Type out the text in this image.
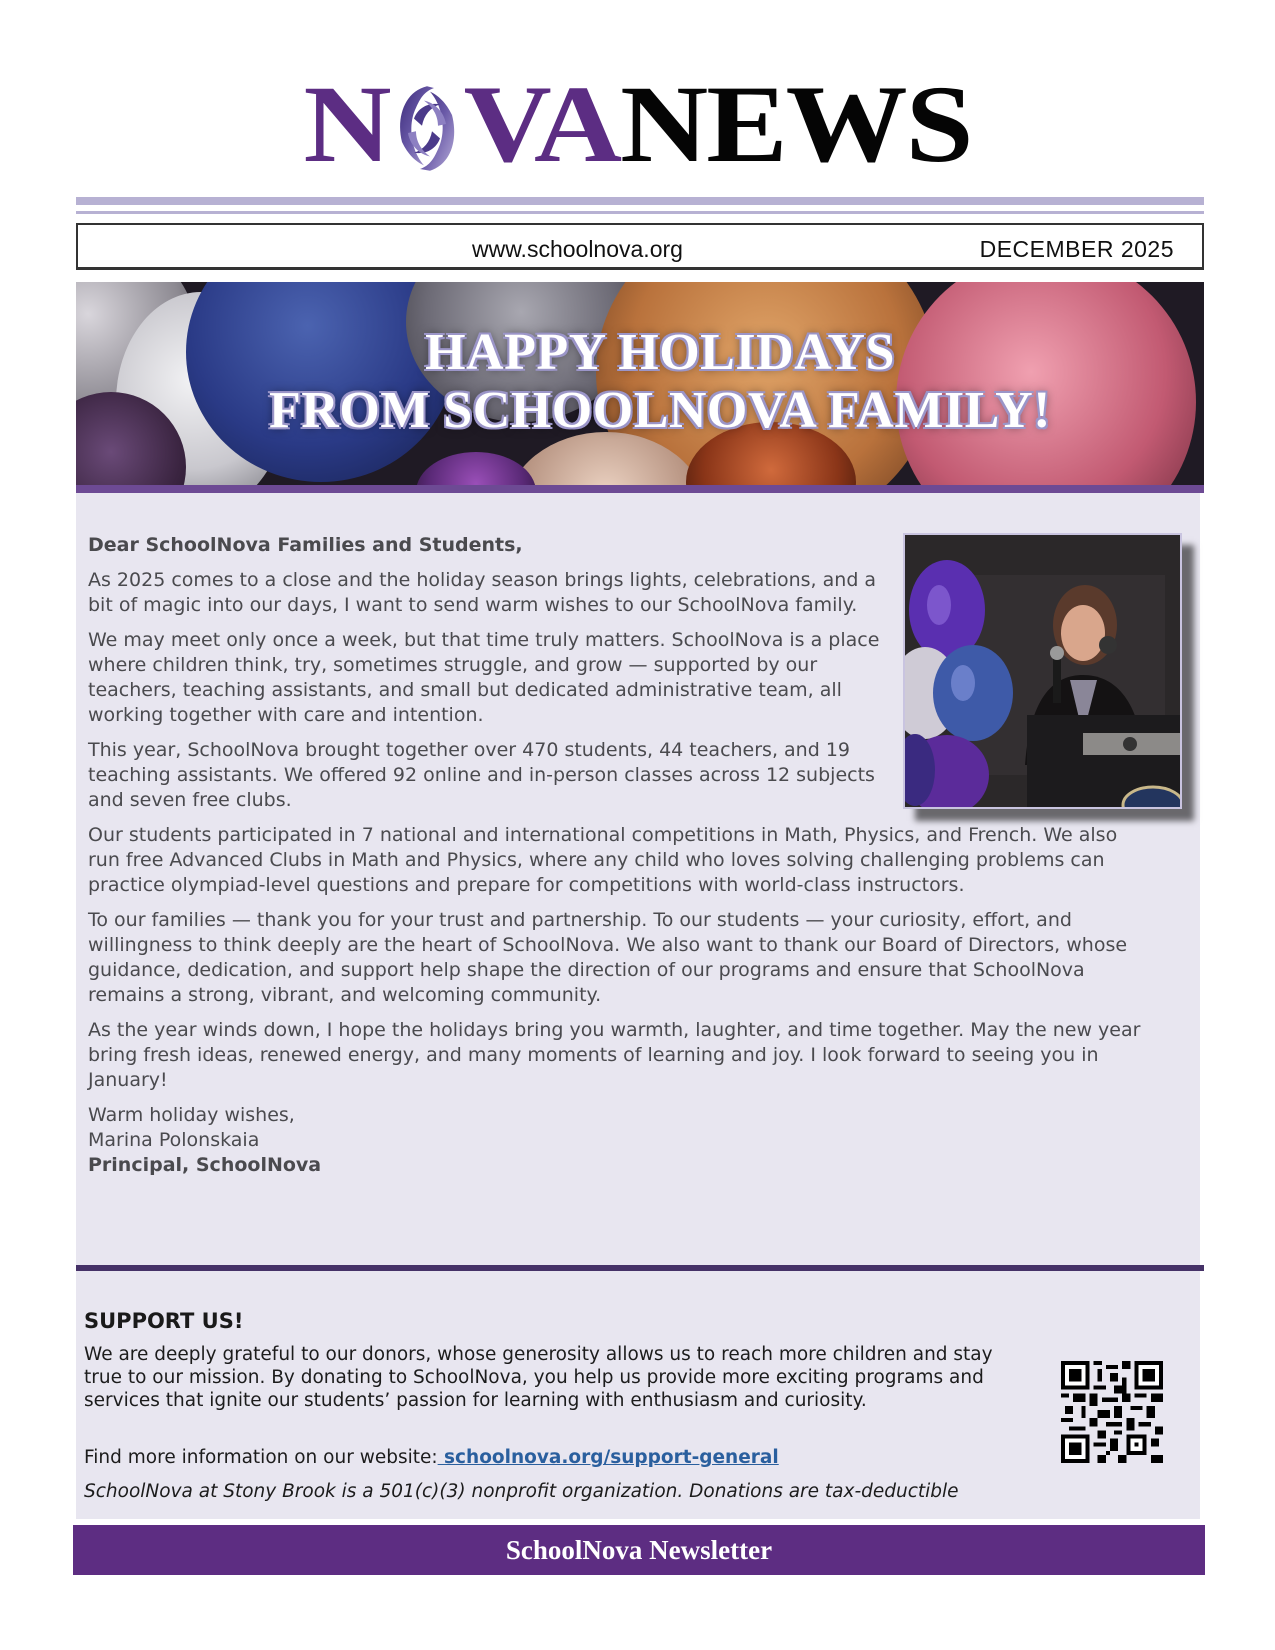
N VA NEWS
www.schoolnova.org	DECEMBER 2025
HAPPY HOLIDAYS
FROM SCHOOLNOVA FAMILY!

Dear SchoolNova Families and Students,

As 2025 comes to a close and the holiday season brings lights, celebrations, and a bit of magic into our days, I want to send warm wishes to our SchoolNova family.

We may meet only once a week, but that time truly matters. SchoolNova is a place where children think, try, sometimes struggle, and grow — supported by our teachers, teaching assistants, and small but dedicated administrative team, all working together with care and intention.

This year, SchoolNova brought together over 470 students, 44 teachers, and 19 teaching assistants. We offered 92 online and in-person classes across 12 subjects and seven free clubs.

Our students participated in 7 national and international competitions in Math, Physics, and French. We also run free Advanced Clubs in Math and Physics, where any child who loves solving challenging problems can practice olympiad-level questions and prepare for competitions with world-class instructors.

To our families — thank you for your trust and partnership. To our students — your curiosity, effort, and willingness to think deeply are the heart of SchoolNova. We also want to thank our Board of Directors, whose guidance, dedication, and support help shape the direction of our programs and ensure that SchoolNova remains a strong, vibrant, and welcoming community.

As the year winds down, I hope the holidays bring you warmth, laughter, and time together. May the new year bring fresh ideas, renewed energy, and many moments of learning and joy. I look forward to seeing you in January!

Warm holiday wishes,
Marina Polonskaia
Principal, SchoolNova
SUPPORT US!
We are deeply grateful to our donors, whose generosity allows us to reach more children and stay true to our mission. By donating to SchoolNova, you help us provide more exciting programs and services that ignite our students’ passion for learning with enthusiasm and curiosity.
Find more information on our website: schoolnova.org/support-general
SchoolNova at Stony Brook is a 501(c)(3) nonprofit organization. Donations are tax-deductible
SchoolNova Newsletter
